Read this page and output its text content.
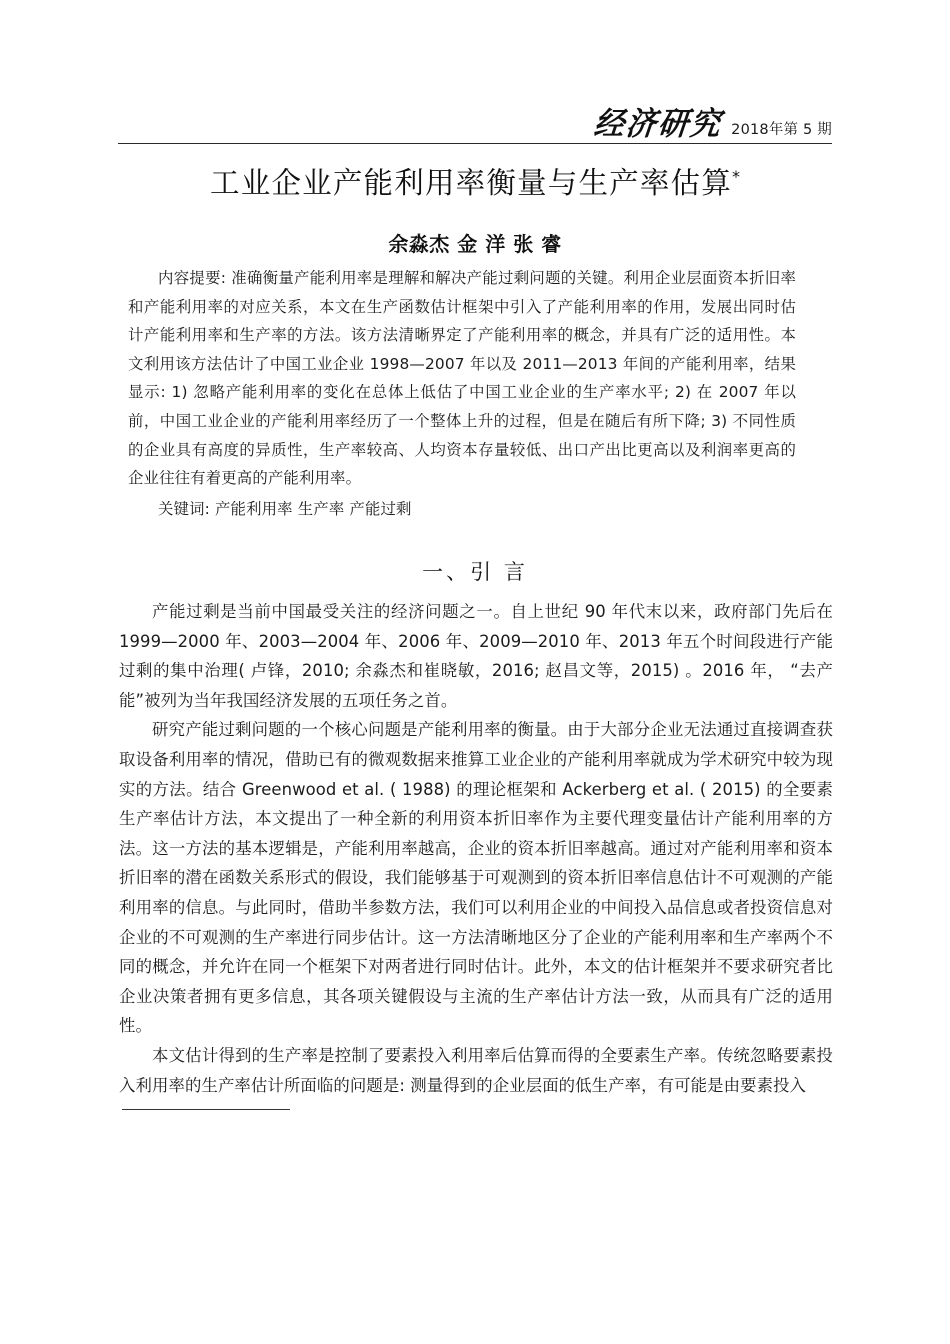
经济研究 2018年第 5 期
工业企业产能利用率衡量与生产率估算*
余淼杰 金 洋 张 睿

内容提要: 准确衡量产能利用率是理解和解决产能过剩问题的关键。利用企业层面资本折旧率和产能利用率的对应关系，本文在生产函数估计框架中引入了产能利用率的作用，发展出同时估计产能利用率和生产率的方法。该方法清晰界定了产能利用率的概念，并具有广泛的适用性。本文利用该方法估计了中国工业企业 1998—2007 年以及 2011—2013 年间的产能利用率，结果显示: 1) 忽略产能利用率的变化在总体上低估了中国工业企业的生产率水平; 2) 在 2007 年以前，中国工业企业的产能利用率经历了一个整体上升的过程，但是在随后有所下降; 3) 不同性质的企业具有高度的异质性，生产率较高、人均资本存量较低、出口产出比更高以及利润率更高的企业往往有着更高的产能利用率。

关键词: 产能利用率 生产率 产能过剩

一、引 言

产能过剩是当前中国最受关注的经济问题之一。自上世纪 90 年代末以来，政府部门先后在 1999—2000 年、2003—2004 年、2006 年、2009—2010 年、2013 年五个时间段进行产能过剩的集中治理( 卢锋，2010; 余淼杰和崔晓敏，2016; 赵昌文等，2015) 。2016 年， “去产能”被列为当年我国经济发展的五项任务之首。

研究产能过剩问题的一个核心问题是产能利用率的衡量。由于大部分企业无法通过直接调查获取设备利用率的情况，借助已有的微观数据来推算工业企业的产能利用率就成为学术研究中较为现实的方法。结合 Greenwood et al. ( 1988) 的理论框架和 Ackerberg et al. ( 2015) 的全要素生产率估计方法，本文提出了一种全新的利用资本折旧率作为主要代理变量估计产能利用率的方法。这一方法的基本逻辑是，产能利用率越高，企业的资本折旧率越高。通过对产能利用率和资本折旧率的潜在函数关系形式的假设，我们能够基于可观测到的资本折旧率信息估计不可观测的产能利用率的信息。与此同时，借助半参数方法，我们可以利用企业的中间投入品信息或者投资信息对企业的不可观测的生产率进行同步估计。这一方法清晰地区分了企业的产能利用率和生产率两个不同的概念，并允许在同一个框架下对两者进行同时估计。此外，本文的估计框架并不要求研究者比企业决策者拥有更多信息，其各项关键假设与主流的生产率估计方法一致，从而具有广泛的适用性。

本文估计得到的生产率是控制了要素投入利用率后估算而得的全要素生产率。传统忽略要素投入利用率的生产率估计所面临的问题是: 测量得到的企业层面的低生产率，有可能是由要素投入
